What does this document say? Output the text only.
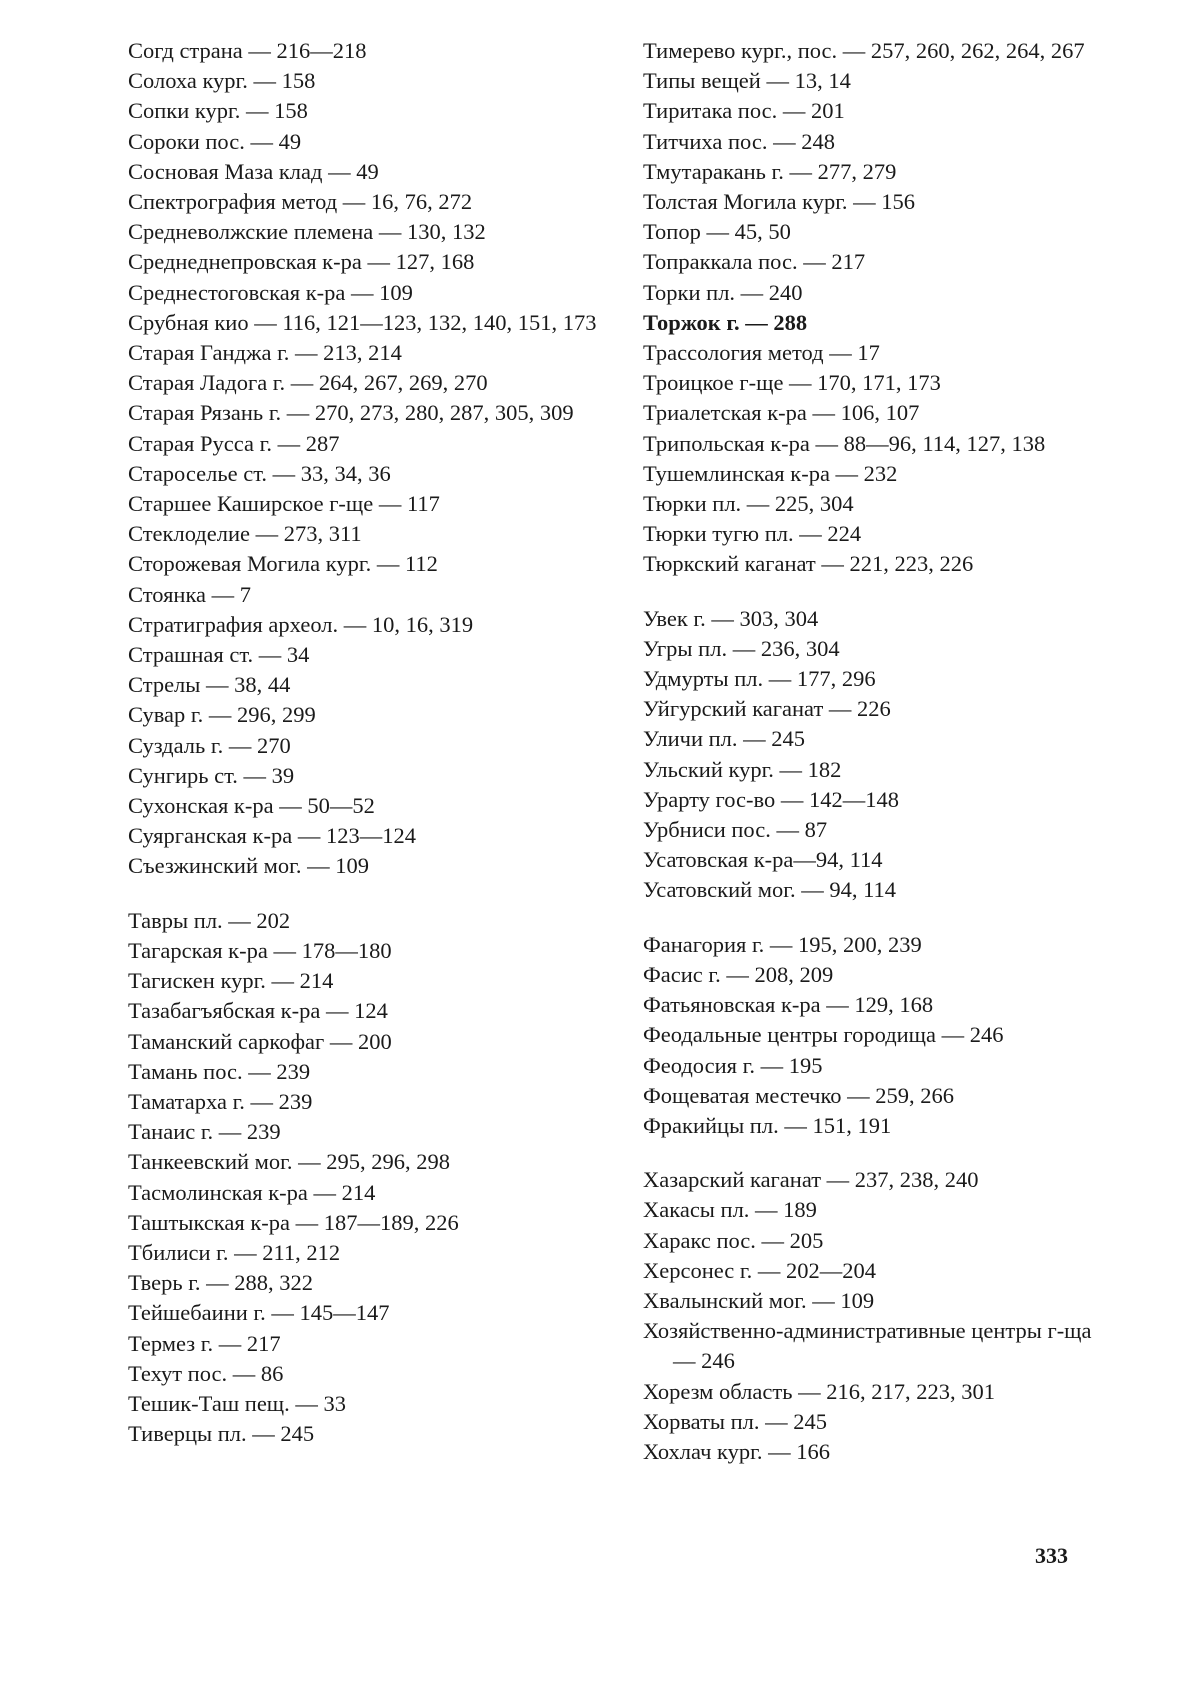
Согд страна — 216—218
Солоха кург. — 158
Сопки кург. — 158
Сороки пос. — 49
Сосновая Маза клад — 49
Спектрография метод — 16, 76, 272
Средневолжские племена — 130, 132
Среднеднепровская к-ра — 127, 168
Среднестоговская к-ра — 109
Срубная кио — 116, 121—123, 132, 140, 151, 173
Старая Ганджа г. — 213, 214
Старая Ладога г. — 264, 267, 269, 270
Старая Рязань г. — 270, 273, 280, 287, 305, 309
Старая Русса г. — 287
Староселье ст. — 33, 34, 36
Старшее Каширское г-ще — 117
Стеклоделие — 273, 311
Сторожевая Могила кург. — 112
Стоянка — 7
Стратиграфия археол. — 10, 16, 319
Страшная ст. — 34
Стрелы — 38, 44
Сувар г. — 296, 299
Суздаль г. — 270
Сунгирь ст. — 39
Сухонская к-ра — 50—52
Суярганская к-ра — 123—124
Съезжинский мог. — 109
Тавры пл. — 202
Тагарская к-ра — 178—180
Тагискен кург. — 214
Тазабагъябская к-ра — 124
Таманский саркофаг — 200
Тамань пос. — 239
Таматарха г. — 239
Танаис г. — 239
Танкеевский мог. — 295, 296, 298
Тасмолинская к-ра — 214
Таштыкская к-ра — 187—189, 226
Тбилиси г. — 211, 212
Тверь г. — 288, 322
Тейшебаини г. — 145—147
Термез г. — 217
Техут пос. — 86
Тешик-Таш пещ. — 33
Тиверцы пл. — 245
Тимерево кург., пос. — 257, 260, 262, 264, 267
Типы вещей — 13, 14
Тиритака пос. — 201
Титчиха пос. — 248
Тмутаракань г. — 277, 279
Толстая Могила кург. — 156
Топор — 45, 50
Топраккала пос. — 217
Торки пл. — 240
Торжок г. — 288
Трассология метод — 17
Троицкое г-ще — 170, 171, 173
Триалетская к-ра — 106, 107
Трипольская к-ра — 88—96, 114, 127, 138
Тушемлинская к-ра — 232
Тюрки пл. — 225, 304
Тюрки тугю пл. — 224
Тюркский каганат — 221, 223, 226
Увек г. — 303, 304
Угры пл. — 236, 304
Удмурты пл. — 177, 296
Уйгурский каганат — 226
Уличи пл. — 245
Ульский кург. — 182
Урарту гос-во — 142—148
Урбниси пос. — 87
Усатовская к-ра—94, 114
Усатовский мог. — 94, 114
Фанагория г. — 195, 200, 239
Фасис г. — 208, 209
Фатьяновская к-ра — 129, 168
Феодальные центры городища — 246
Феодосия г. — 195
Фощеватая местечко — 259, 266
Фракийцы пл. — 151, 191
Хазарский каганат — 237, 238, 240
Хакасы пл. — 189
Харакс пос. — 205
Херсонес г. — 202—204
Хвалынский мог. — 109
Хозяйственно-административные центры г-ща — 246
Хорезм область — 216, 217, 223, 301
Хорваты пл. — 245
Хохлач кург. — 166
333
